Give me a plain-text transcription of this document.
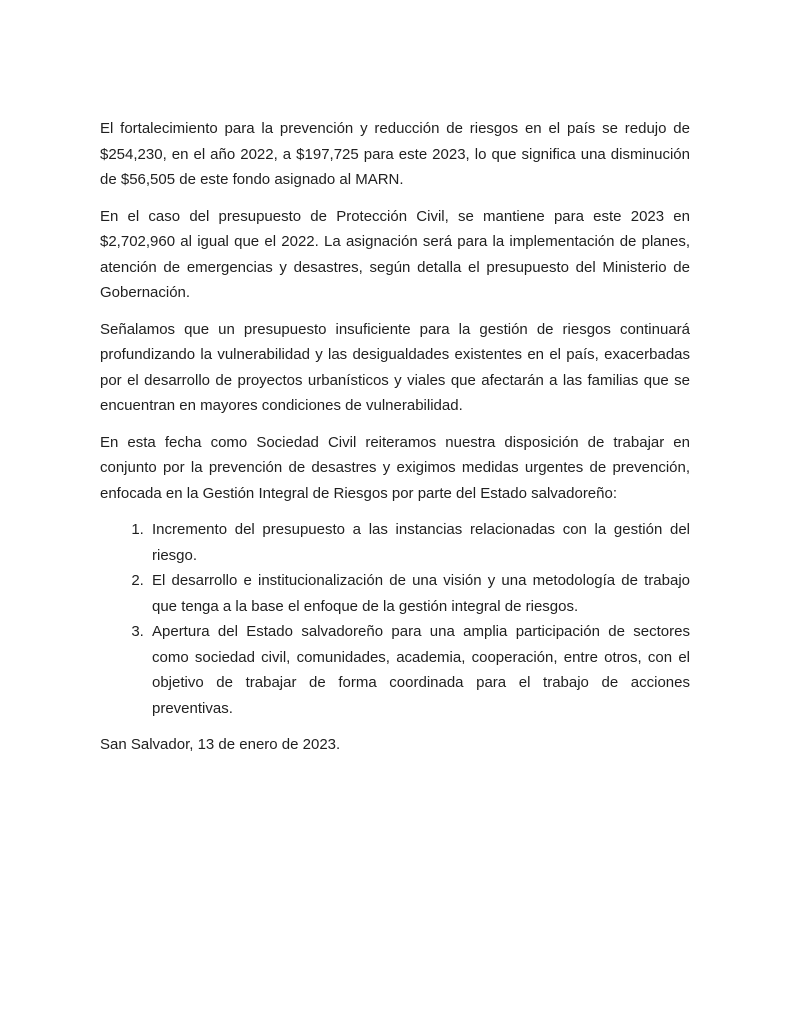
El fortalecimiento para la prevención y reducción de riesgos en el país se redujo de $254,230, en el año 2022, a $197,725 para este 2023, lo que significa una disminución de $56,505 de este fondo asignado al MARN.

En el caso del presupuesto de Protección Civil, se mantiene para este 2023 en $2,702,960 al igual que el 2022. La asignación será para la implementación de planes, atención de emergencias y desastres, según detalla el presupuesto del Ministerio de Gobernación.

Señalamos que un presupuesto insuficiente para la gestión de riesgos continuará profundizando la vulnerabilidad y las desigualdades existentes en el país, exacerbadas por el desarrollo de proyectos urbanísticos y viales que afectarán a las familias que se encuentran en mayores condiciones de vulnerabilidad.

En esta fecha como Sociedad Civil reiteramos nuestra disposición de trabajar en conjunto por la prevención de desastres y exigimos medidas urgentes de prevención, enfocada en la Gestión Integral de Riesgos por parte del Estado salvadoreño:

1. Incremento del presupuesto a las instancias relacionadas con la gestión del riesgo.
2. El desarrollo e institucionalización de una visión y una metodología de trabajo que tenga a la base el enfoque de la gestión integral de riesgos.
3. Apertura del Estado salvadoreño para una amplia participación de sectores como sociedad civil, comunidades, academia, cooperación, entre otros, con el objetivo de trabajar de forma coordinada para el trabajo de acciones preventivas.

San Salvador, 13 de enero de 2023.
